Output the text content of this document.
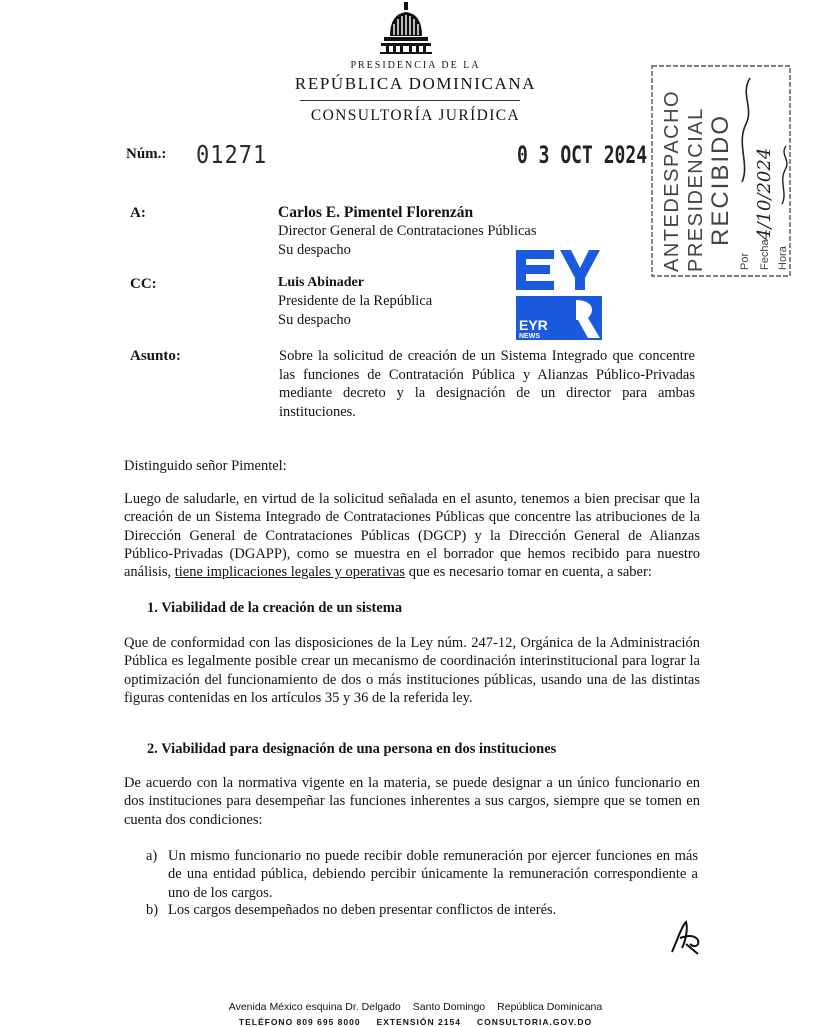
PRESIDENCIA DE LA
REPÚBLICA DOMINICANA
CONSULTORÍA JURÍDICA
Núm.: 01271	0 3 OCT 2024 ANTEDESPACHO PRESIDENCIAL RECIBIDO
Por Fecha Hora
4/10/2024
A:	Carlos E. Pimentel Florenzán
Director General de Contrataciones Públicas
Su despacho
CC:	Luis Abinader
Presidente de la República
Su despacho	EYR
NEWS
Asunto:	Sobre la solicitud de creación de un Sistema Integrado que concentre las funciones de Contratación Pública y Alianzas Público-Privadas mediante decreto y la designación de un director para ambas instituciones.
Distinguido señor Pimentel:
Luego de saludarle, en virtud de la solicitud señalada en el asunto, tenemos a bien precisar que la creación de un Sistema Integrado de Contrataciones Públicas que concentre las atribuciones de la Dirección General de Contrataciones Públicas (DGCP) y la Dirección General de Alianzas Público-Privadas (DGAPP), como se muestra en el borrador que hemos recibido para nuestro análisis, tiene implicaciones legales y operativas que es necesario tomar en cuenta, a saber:
1. Viabilidad de la creación de un sistema
Que de conformidad con las disposiciones de la Ley núm. 247-12, Orgánica de la Administración Pública es legalmente posible crear un mecanismo de coordinación interinstitucional para lograr la optimización del funcionamiento de dos o más instituciones públicas, usando una de las distintas figuras contenidas en los artículos 35 y 36 de la referida ley.
2. Viabilidad para designación de una persona en dos instituciones
De acuerdo con la normativa vigente en la materia, se puede designar a un único funcionario en dos instituciones para desempeñar las funciones inherentes a sus cargos, siempre que se tomen en cuenta dos condiciones:
a) Un mismo funcionario no puede recibir doble remuneración por ejercer funciones en más de una entidad pública, debiendo percibir únicamente la remuneración correspondiente a uno de los cargos.
b) Los cargos desempeñados no deben presentar conflictos de interés.
Avenida México esquina Dr. Delgado Santo Domingo República Dominicana
TELÉFONO 809 695 8000 EXTENSIÓN 2154 CONSULTORIA.GOV.DO
